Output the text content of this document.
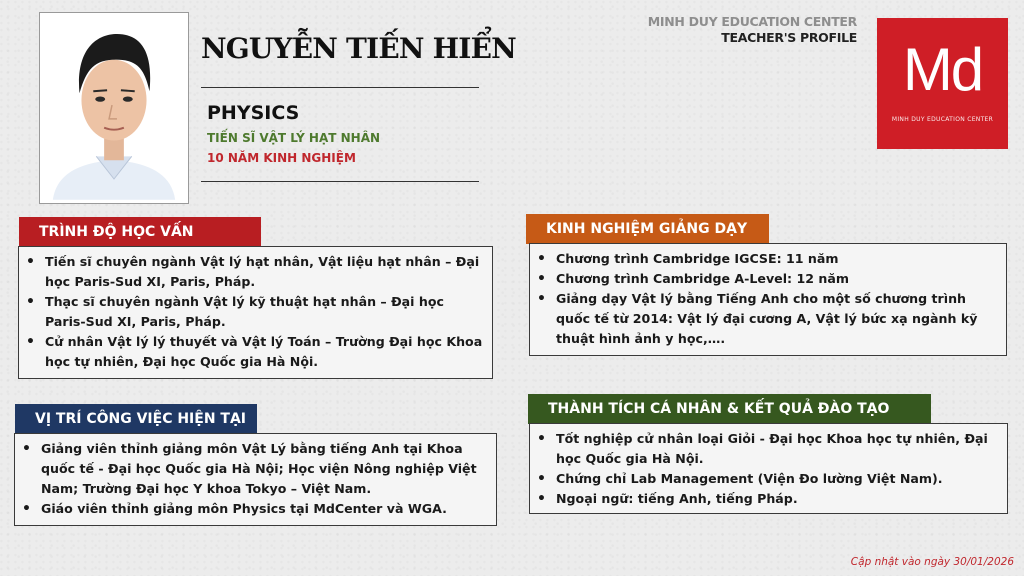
NGUYỄN TIẾN HIỂN
PHYSICS
TIẾN SĨ VẬT LÝ HẠT NHÂN
10 NĂM KINH NGHIỆM
MINH DUY EDUCATION CENTER
TEACHER'S PROFILE Md
MINH DUY EDUCATION CENTER
TRÌNH ĐỘ HỌC VẤN
• Tiến sĩ chuyên ngành Vật lý hạt nhân, Vật liệu hạt nhân – Đại học Paris-Sud XI, Paris, Pháp.
• Thạc sĩ chuyên ngành Vật lý kỹ thuật hạt nhân – Đại học Paris-Sud XI, Paris, Pháp.
• Cử nhân Vật lý lý thuyết và Vật lý Toán – Trường Đại học Khoa học tự nhiên, Đại học Quốc gia Hà Nội.
VỊ TRÍ CÔNG VIỆC HIỆN TẠI
• Giảng viên thỉnh giảng môn Vật Lý bằng tiếng Anh tại Khoa quốc tế - Đại học Quốc gia Hà Nội; Học viện Nông nghiệp Việt Nam; Trường Đại học Y khoa Tokyo – Việt Nam.
• Giáo viên thỉnh giảng môn Physics tại MdCenter và WGA.
KINH NGHIỆM GIẢNG DẠY
• Chương trình Cambridge IGCSE: 11 năm
• Chương trình Cambridge A-Level: 12 năm
• Giảng dạy Vật lý bằng Tiếng Anh cho một số chương trình quốc tế từ 2014: Vật lý đại cương A, Vật lý bức xạ ngành kỹ thuật hình ảnh y học,….
THÀNH TÍCH CÁ NHÂN & KẾT QUẢ ĐÀO TẠO
• Tốt nghiệp cử nhân loại Giỏi - Đại học Khoa học tự nhiên, Đại học Quốc gia Hà Nội.
• Chứng chỉ Lab Management (Viện Đo lường Việt Nam).
• Ngoại ngữ: tiếng Anh, tiếng Pháp.
Cập nhật vào ngày 30/01/2026
